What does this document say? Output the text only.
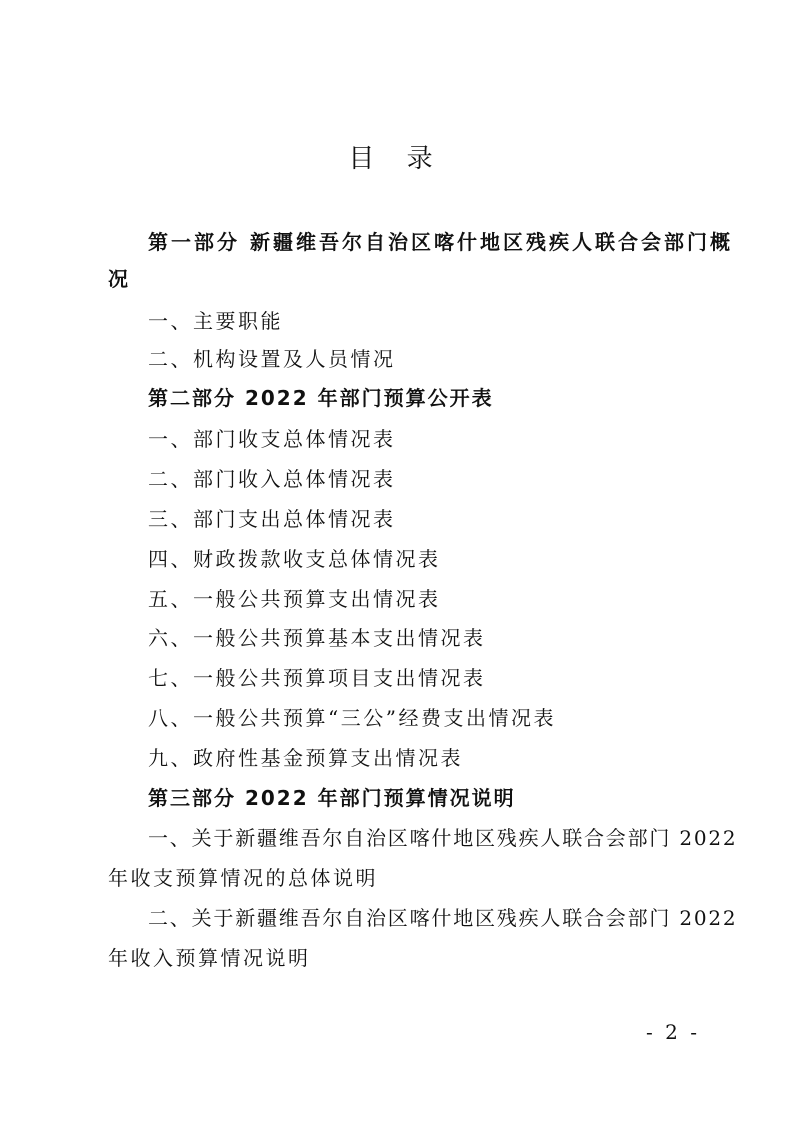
目 录
第一部分 新疆维吾尔自治区喀什地区残疾人联合会部门概
况
一、主要职能
二、机构设置及人员情况
第二部分 2022 年部门预算公开表
一、部门收支总体情况表
二、部门收入总体情况表
三、部门支出总体情况表
四、财政拨款收支总体情况表
五、一般公共预算支出情况表
六、一般公共预算基本支出情况表
七、一般公共预算项目支出情况表
八、一般公共预算“三公”经费支出情况表
九、政府性基金预算支出情况表
第三部分 2022 年部门预算情况说明
一、关于新疆维吾尔自治区喀什地区残疾人联合会部门 2022
年收支预算情况的总体说明
二、关于新疆维吾尔自治区喀什地区残疾人联合会部门 2022
年收入预算情况说明
- 2 -
